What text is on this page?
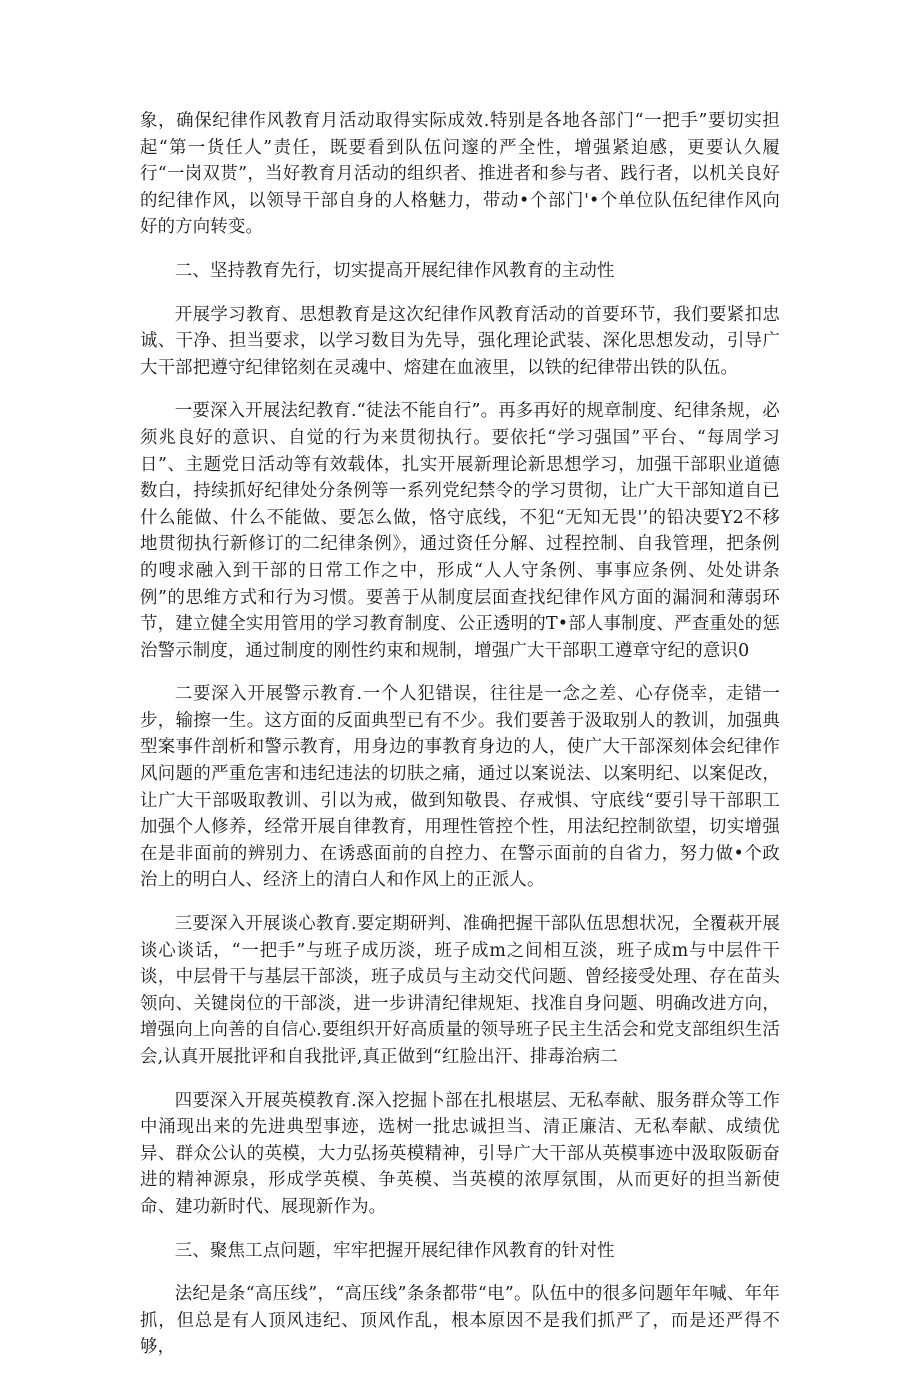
象，确保纪律作风教育月活动取得实际成效.特别是各地各部门“一把手”要切实担起“第一货任人”责任，既要看到队伍问邃的严全性，增强紧迫感，更要认久履行“一岗双贳”，当好教育月活动的组织者、推进者和参与者、践行者，以机关良好的纪律作风，以领导干部自身的人格魅力，带动•个部门'•个单位队伍纪律作风向好的方向转变。

二、坚持教育先行，切实提高开展纪律作风教育的主动性

开展学习教育、思想教育是这次纪律作风教育活动的首要环节，我们要紧扣忠诚、干净、担当要求，以学习数目为先导，强化理论武装、深化思想发动，引导广大干部把遵守纪律铭刻在灵魂中、熔建在血液里，以铁的纪律带出铁的队伍。

一要深入开展法纪教育.“徒法不能自行”。再多再好的规章制度、纪律条规，必须兆良好的意识、自觉的行为来贯彻执行。要依托“学习强国”平台、“每周学习日”、主题党日活动等有效载体，扎实开展新理论新思想学习，加强干部职业道德数白，持续抓好纪律处分条例等一系列党纪禁令的学习贯彻，让广大干部知道自已什么能做、什么不能做、要怎么做，恪守底线，不犯“无知无畏'’的铅决要Y2不移地贯彻执行新修订的二纪律条例》，通过资任分解、过程控制、自我管理，把条例的嗖求融入到干部的日常工作之中，形成“人人守条例、事事应条例、处处讲条例”的思维方式和行为习惯。要善于从制度层面查找纪律作风方面的漏洞和薄弱环节，建立健全实用管用的学习教育制度、公正透明的T•部人事制度、严查重处的惩治警示制度，通过制度的刚性约束和规制，增强广大干部职工遵章守纪的意识0

二要深入开展警示教育.一个人犯错误，往往是一念之差、心存侥幸，走错一步，输擦一生。这方面的反面典型已有不少。我们要善于汲取别人的教训，加强典型案事件剖析和警示教育，用身边的事教育身边的人，使广大干部深刻体会纪律作风问题的严重危害和违纪违法的切肤之痛，通过以案说法、以案明纪、以案促改，让广大干部吸取教训、引以为戒，做到知敬畏、存戒惧、守底线“要引导干部职工加强个人修养，经常开展自律教育，用理性管控个性，用法纪控制欲望，切实增强在是非面前的辨别力、在诱惑面前的自控力、在警示面前的自省力，努力做•个政治上的明白人、经济上的清白人和作风上的正派人。

三要深入开展谈心教育.要定期研判、准确把握干部队伍思想状况，全覆萩开展谈心谈话，“一把手”与班子成历淡，班子成m之间相互淡，班子成m与中层件干谈，中层骨干与基层干部淡，班子成员与主动交代问题、曾经接受处理、存在苗头领向、关键岗位的干部淡，进一步讲清纪律规矩、找准自身问题、明确改进方向，增强向上向善的自信心.要组织开好高质量的领导班子民主生活会和党支部组织生活会,认真开展批评和自我批评,真正做到“红脸出汗、排毒治病二

四要深入开展英模教育.深入挖掘卜部在扎根堪层、无私奉献、服务群众等工作中涌现出来的先进典型事迹，选树一批忠诚担当、清正廉洁、无私奉献、成绩优异、群众公认的英模，大力弘扬英模精神，引导广大干部从英模事迹中汲取阪砺奋进的精神源泉，形成学英模、争英模、当英模的浓厚氛围，从而更好的担当新使命、建功新时代、展现新作为。

三、聚焦工点问题，牢牢把握开展纪律作风教育的针对性

法纪是条“高压线”，“高压线”条条都带“电”。队伍中的很多问题年年喊、年年抓，但总是有人顶风违纪、顶风作乱，根本原因不是我们抓严了，而是还严得不够，
